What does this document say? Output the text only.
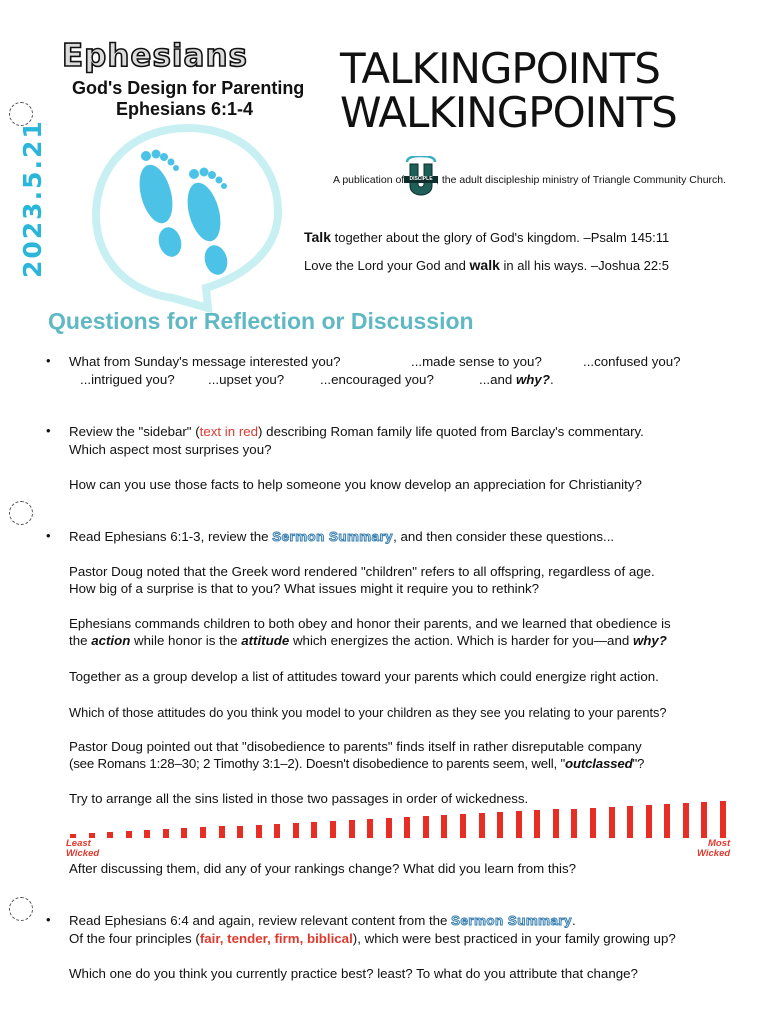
2023.5.21
Ephesians
God's Design for Parenting
Ephesians 6:1-4
TALKINGPOINTS
WALKINGPOINTS
A publication of	DISCIPLE , the adult discipleship ministry of Triangle Community Church.
Talk together about the glory of God's kingdom. –Psalm 145:11
Love the Lord your God and walk in all his ways. –Joshua 22:5
Questions for Reflection or Discussion
• What from Sunday's message interested you?	...made sense to you?	...confused you?
...intrigued you?	...upset you?	...encouraged you?	...and why?.
• Review the "sidebar" (text in red) describing Roman family life quoted from Barclay's commentary.
Which aspect most surprises you?
How can you use those facts to help someone you know develop an appreciation for Christianity?
• Read Ephesians 6:1-3, review the Sermon Summary, and then consider these questions...
Pastor Doug noted that the Greek word rendered "children" refers to all offspring, regardless of age.
How big of a surprise is that to you? What issues might it require you to rethink?
Ephesians commands children to both obey and honor their parents, and we learned that obedience is
the action while honor is the attitude which energizes the action. Which is harder for you—and why?
Together as a group develop a list of attitudes toward your parents which could energize right action.
Which of those attitudes do you think you model to your children as they see you relating to your parents?
Pastor Doug pointed out that "disobedience to parents" finds itself in rather disreputable company
(see Romans 1:28–30; 2 Timothy 3:1–2). Doesn't disobedience to parents seem, well, "outclassed"?
Try to arrange all the sins listed in those two passages in order of wickedness.
Least
Wicked
Most
Wicked
After discussing them, did any of your rankings change? What did you learn from this?
• Read Ephesians 6:4 and again, review relevant content from the Sermon Summary.
Of the four principles (fair, tender, firm, biblical), which were best practiced in your family growing up?
Which one do you think you currently practice best? least? To what do you attribute that change?
